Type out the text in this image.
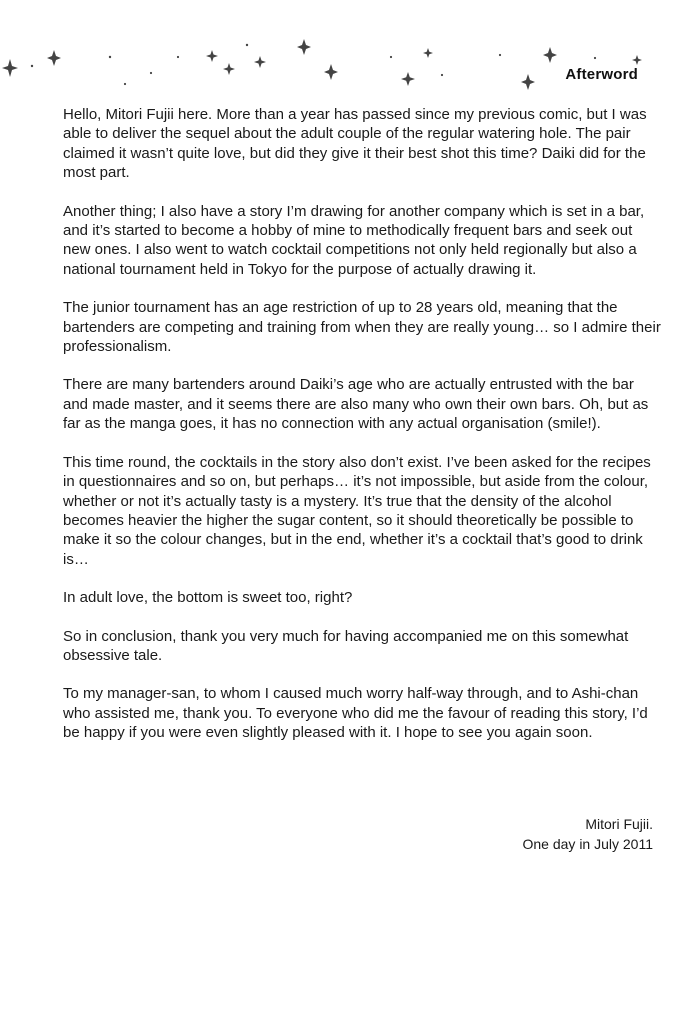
Afterword

Hello, Mitori Fujii here. More than a year has passed since my previous comic, but I was able to deliver the sequel about the adult couple of the regular watering hole. The pair claimed it wasn’t quite love, but did they give it their best shot this time? Daiki did for the most part.

Another thing; I also have a story I’m drawing for another company which is set in a bar, and it’s started to become a hobby of mine to methodically frequent bars and seek out new ones. I also went to watch cocktail competitions not only held regionally but also a national tournament held in Tokyo for the purpose of actually drawing it.

The junior tournament has an age restriction of up to 28 years old, meaning that the bartenders are competing and training from when they are really young… so I admire their professionalism.

There are many bartenders around Daiki’s age who are actually entrusted with the bar and made master, and it seems there are also many who own their own bars. Oh, but as far as the manga goes, it has no connection with any actual organisation (smile!).

This time round, the cocktails in the story also don’t exist. I’ve been asked for the recipes in questionnaires and so on, but perhaps… it’s not impossible, but aside from the colour, whether or not it’s actually tasty is a mystery. It’s true that the density of the alcohol becomes heavier the higher the sugar content, so it should theoretically be possible to make it so the colour changes, but in the end, whether it’s a cocktail that’s good to drink is…

In adult love, the bottom is sweet too, right?

So in conclusion, thank you very much for having accompanied me on this somewhat obsessive tale.

To my manager-san, to whom I caused much worry half-way through, and to Ashi-chan who assisted me, thank you. To everyone who did me the favour of reading this story, I’d be happy if you were even slightly pleased with it. I hope to see you again soon.

Mitori Fujii.
One day in July 2011
